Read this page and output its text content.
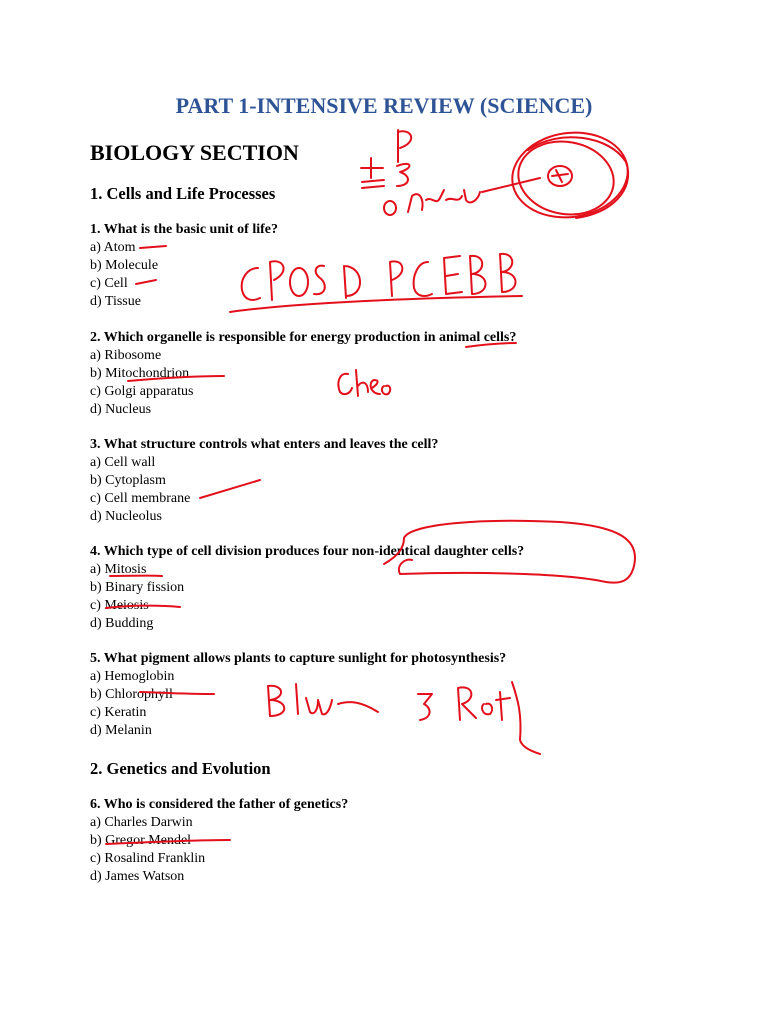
PART 1-INTENSIVE REVIEW (SCIENCE)
BIOLOGY SECTION
1. Cells and Life Processes
1. What is the basic unit of life?
a) Atom
b) Molecule
c) Cell
d) Tissue
2. Which organelle is responsible for energy production in animal cells?
a) Ribosome
b) Mitochondrion
c) Golgi apparatus
d) Nucleus
3. What structure controls what enters and leaves the cell?
a) Cell wall
b) Cytoplasm
c) Cell membrane
d) Nucleolus
4. Which type of cell division produces four non-identical daughter cells?
a) Mitosis
b) Binary fission
c) Meiosis
d) Budding
5. What pigment allows plants to capture sunlight for photosynthesis?
a) Hemoglobin
b) Chlorophyll
c) Keratin
d) Melanin
2. Genetics and Evolution
6. Who is considered the father of genetics?
a) Charles Darwin
b) Gregor Mendel
c) Rosalind Franklin
d) James Watson
